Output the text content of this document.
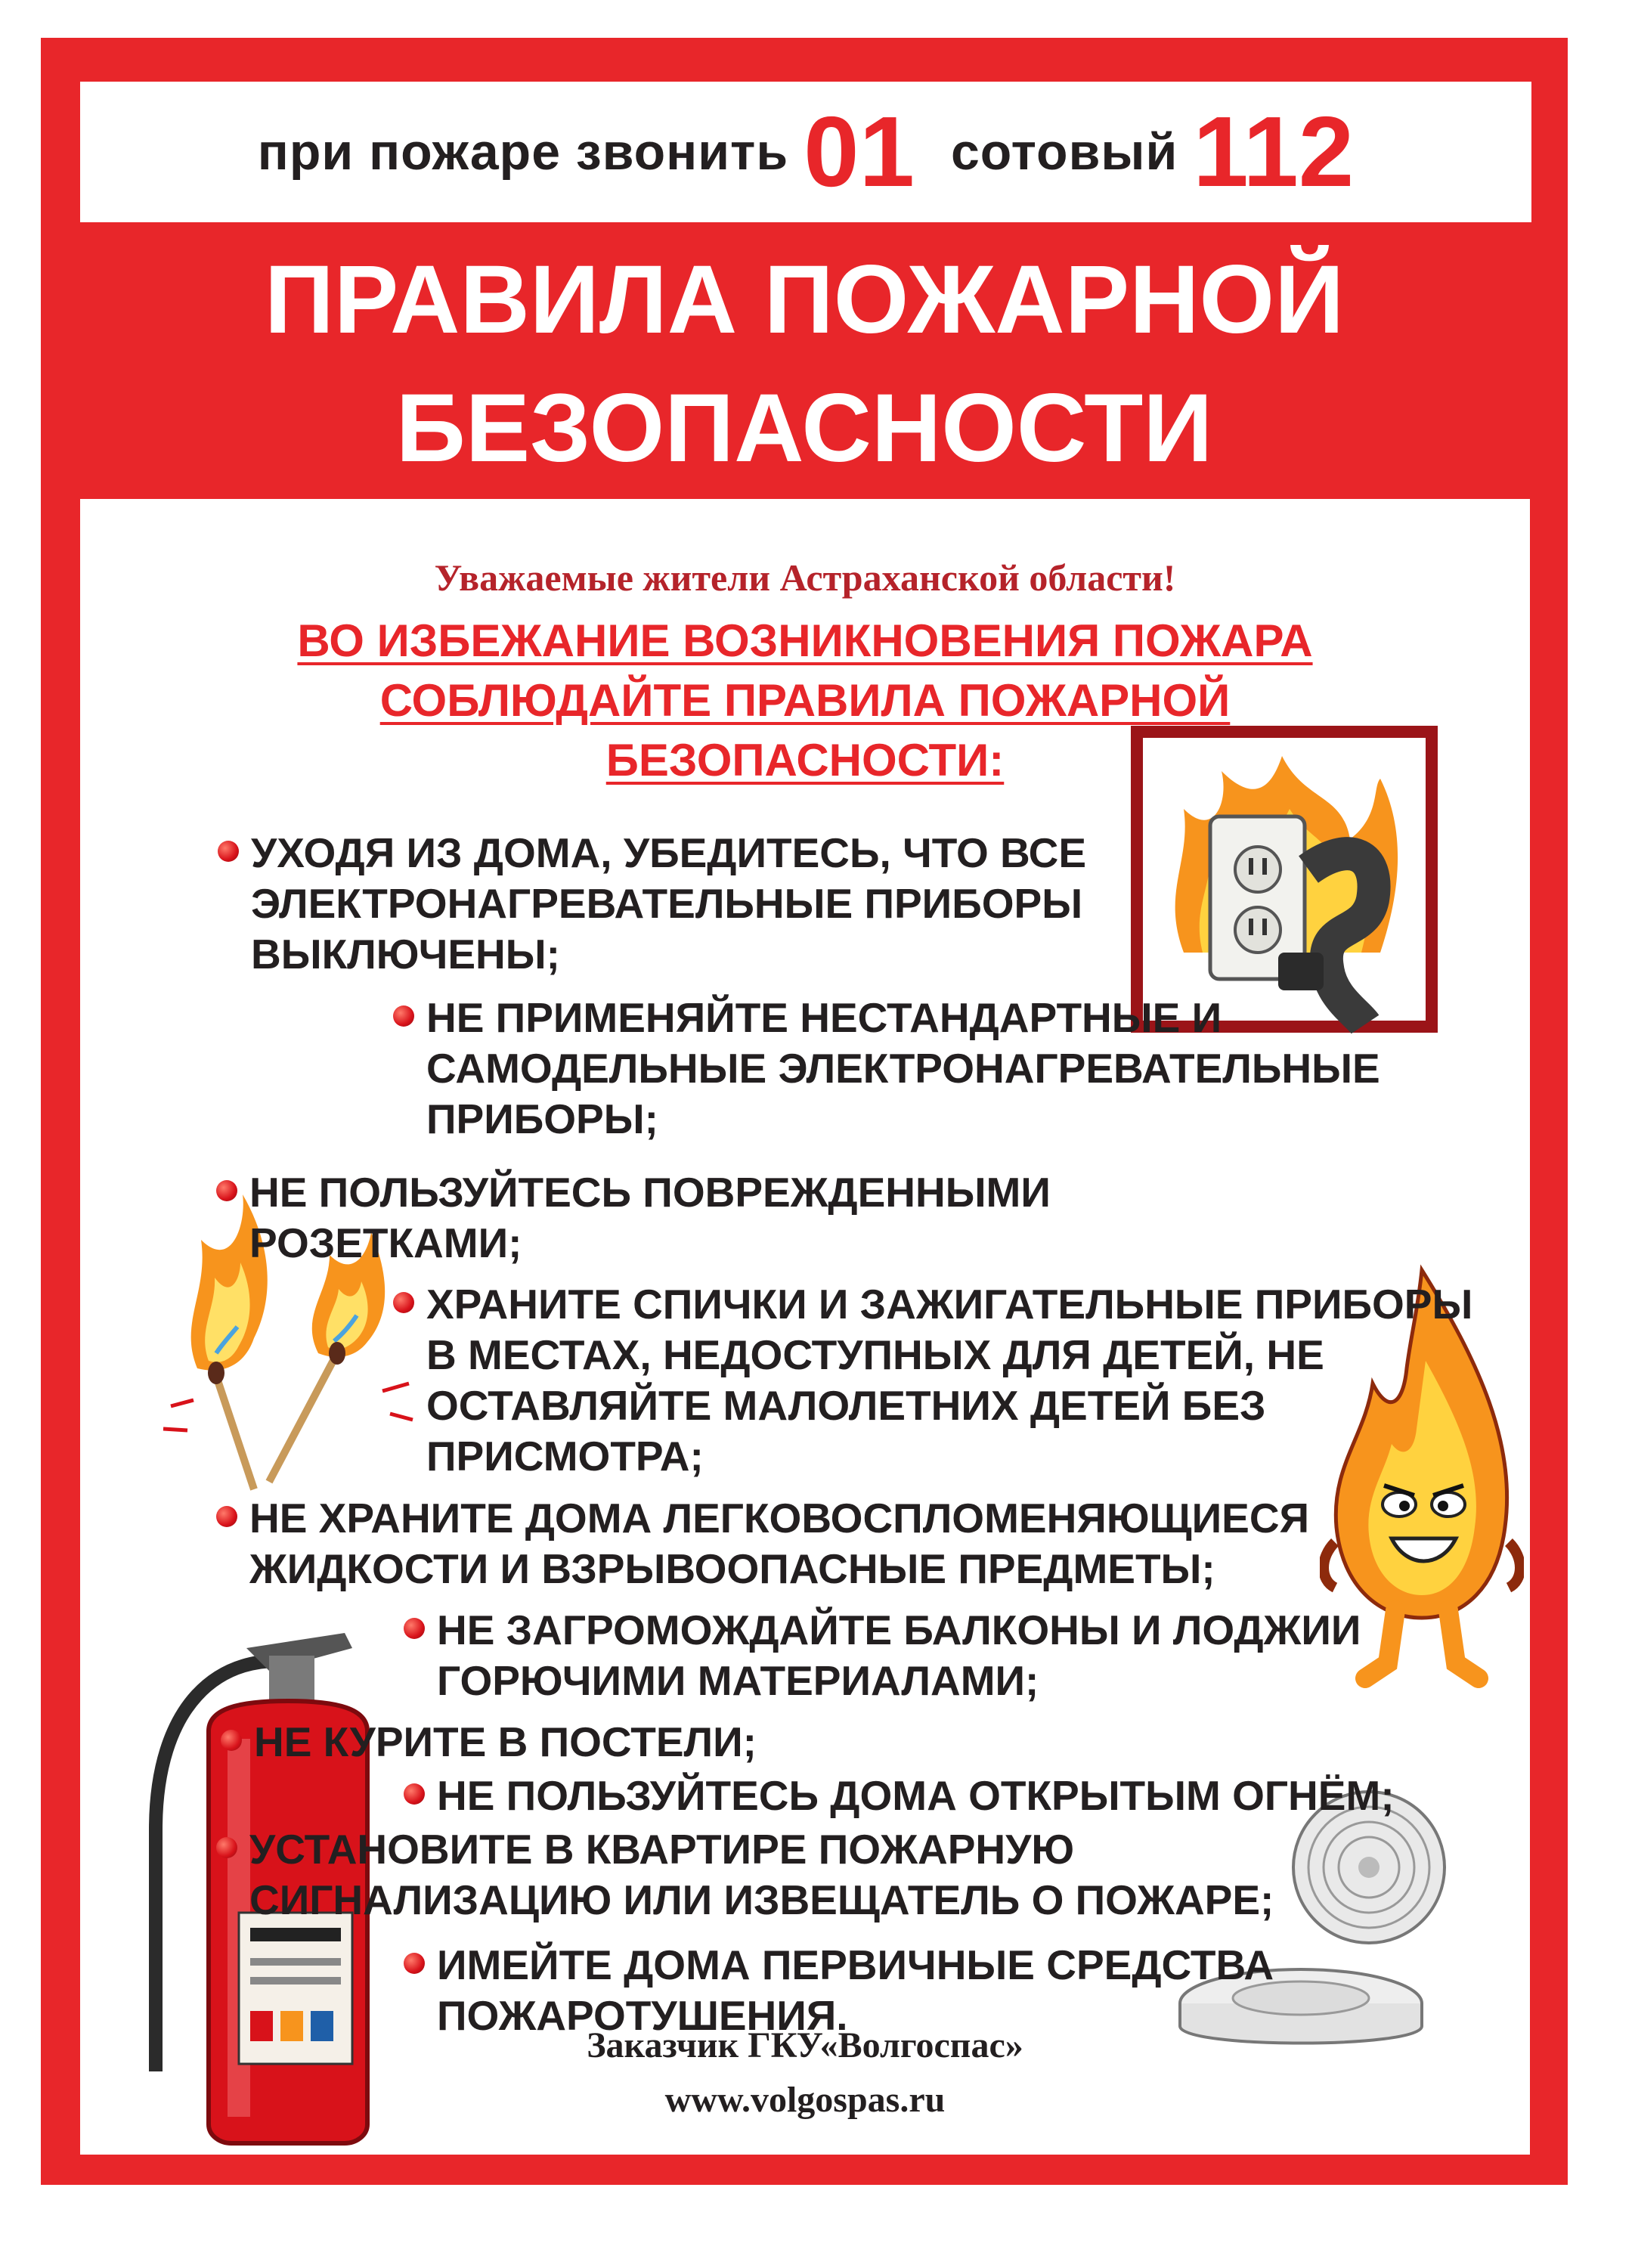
при пожаре звонить 01 сотовый 112
ПРАВИЛА ПОЖАРНОЙ
БЕЗОПАСНОСТИ
Уважаемые жители Астраханской области!
ВО ИЗБЕЖАНИЕ ВОЗНИКНОВЕНИЯ ПОЖАРА
СОБЛЮДАЙТЕ ПРАВИЛА ПОЖАРНОЙ
БЕЗОПАСНОСТИ:

УХОДЯ ИЗ ДОМА, УБЕДИТЕСЬ, ЧТО ВСЕ
ЭЛЕКТРОНАГРЕВАТЕЛЬНЫЕ ПРИБОРЫ
ВЫКЛЮЧЕНЫ;

НЕ ПРИМЕНЯЙТЕ НЕСТАНДАРТНЫЕ И
САМОДЕЛЬНЫЕ ЭЛЕКТРОНАГРЕВАТЕЛЬНЫЕ
ПРИБОРЫ;

НЕ ПОЛЬЗУЙТЕСЬ ПОВРЕЖДЕННЫМИ
РОЗЕТКАМИ;

ХРАНИТЕ СПИЧКИ И ЗАЖИГАТЕЛЬНЫЕ ПРИБОРЫ
В МЕСТАХ, НЕДОСТУПНЫХ ДЛЯ ДЕТЕЙ, НЕ
ОСТАВЛЯЙТЕ МАЛОЛЕТНИХ ДЕТЕЙ БЕЗ
ПРИСМОТРА;

НЕ ХРАНИТЕ ДОМА ЛЕГКОВОСПЛОМЕНЯЮЩИЕСЯ
ЖИДКОСТИ И ВЗРЫВООПАСНЫЕ ПРЕДМЕТЫ;

НЕ ЗАГРОМОЖДАЙТЕ БАЛКОНЫ И ЛОДЖИИ
ГОРЮЧИМИ МАТЕРИАЛАМИ;

НЕ КУРИТЕ В ПОСТЕЛИ;

НЕ ПОЛЬЗУЙТЕСЬ ДОМА ОТКРЫТЫМ ОГНЁМ;

УСТАНОВИТЕ В КВАРТИРЕ ПОЖАРНУЮ
СИГНАЛИЗАЦИЮ ИЛИ ИЗВЕЩАТЕЛЬ О ПОЖАРЕ;

ИМЕЙТЕ ДОМА ПЕРВИЧНЫЕ СРЕДСТВА
ПОЖАРОТУШЕНИЯ.

Заказчик ГКУ«Волгоспас»
www.volgospas.ru
